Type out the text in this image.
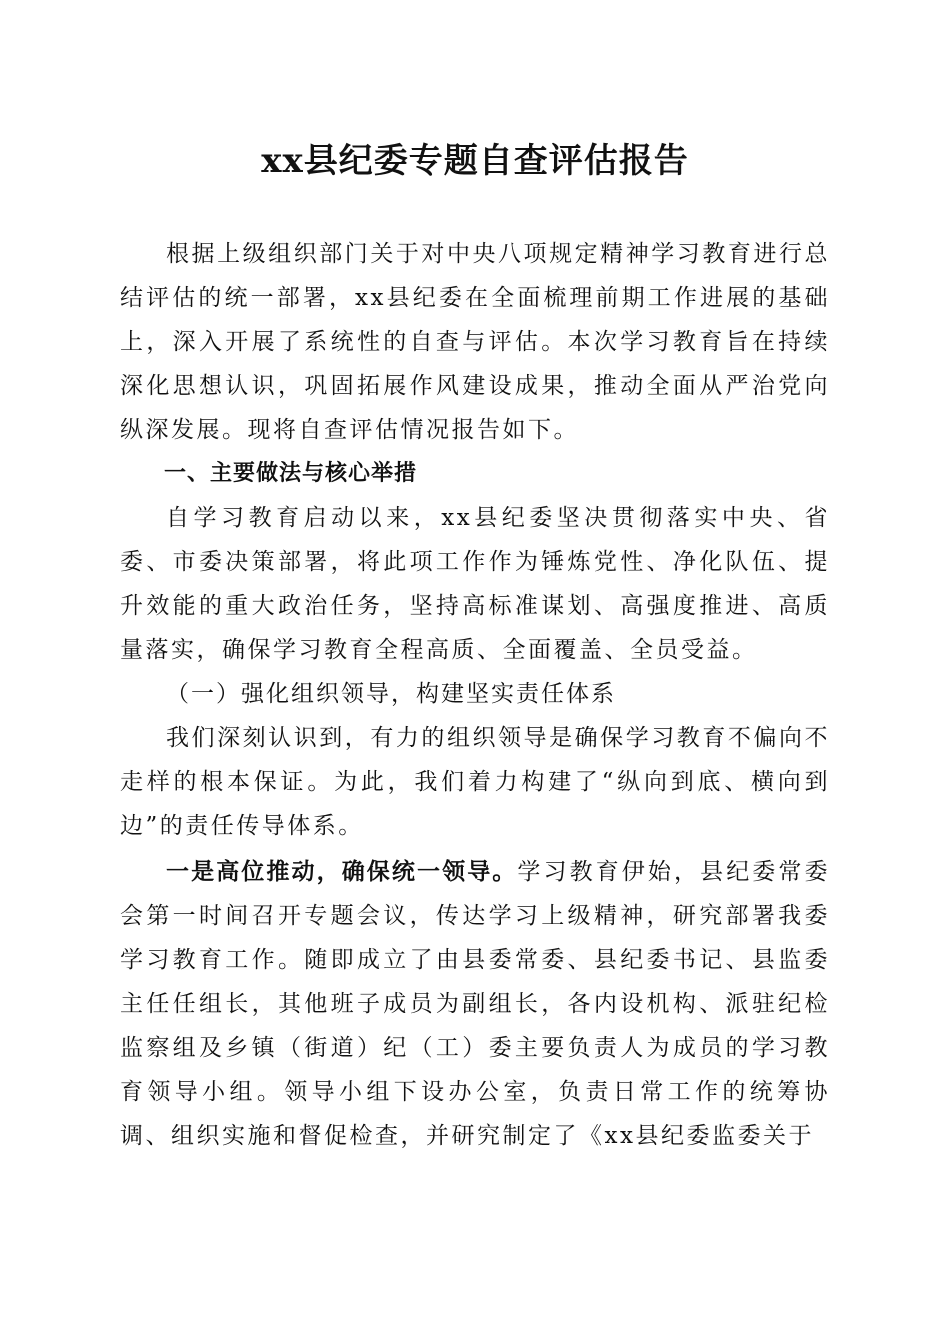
xx县纪委专题自查评估报告

根据上级组织部门关于对中央八项规定精神学习教育进行总结评估的统一部署，xx县纪委在全面梳理前期工作进展的基础上，深入开展了系统性的自查与评估。本次学习教育旨在持续深化思想认识，巩固拓展作风建设成果，推动全面从严治党向纵深发展。现将自查评估情况报告如下。

一、主要做法与核心举措

自学习教育启动以来，xx县纪委坚决贯彻落实中央、省委、市委决策部署，将此项工作作为锤炼党性、净化队伍、提升效能的重大政治任务，坚持高标准谋划、高强度推进、高质量落实，确保学习教育全程高质、全面覆盖、全员受益。

（一）强化组织领导，构建坚实责任体系

我们深刻认识到，有力的组织领导是确保学习教育不偏向不走样的根本保证。为此，我们着力构建了“纵向到底、横向到边”的责任传导体系。

一是高位推动，确保统一领导。学习教育伊始，县纪委常委会第一时间召开专题会议，传达学习上级精神，研究部署我委学习教育工作。随即成立了由县委常委、县纪委书记、县监委主任任组长，其他班子成员为副组长，各内设机构、派驻纪检监察组及乡镇（街道）纪（工）委主要负责人为成员的学习教育领导小组。领导小组下设办公室，负责日常工作的统筹协调、组织实施和督促检查，并研究制定了《xx县纪委监委关于
